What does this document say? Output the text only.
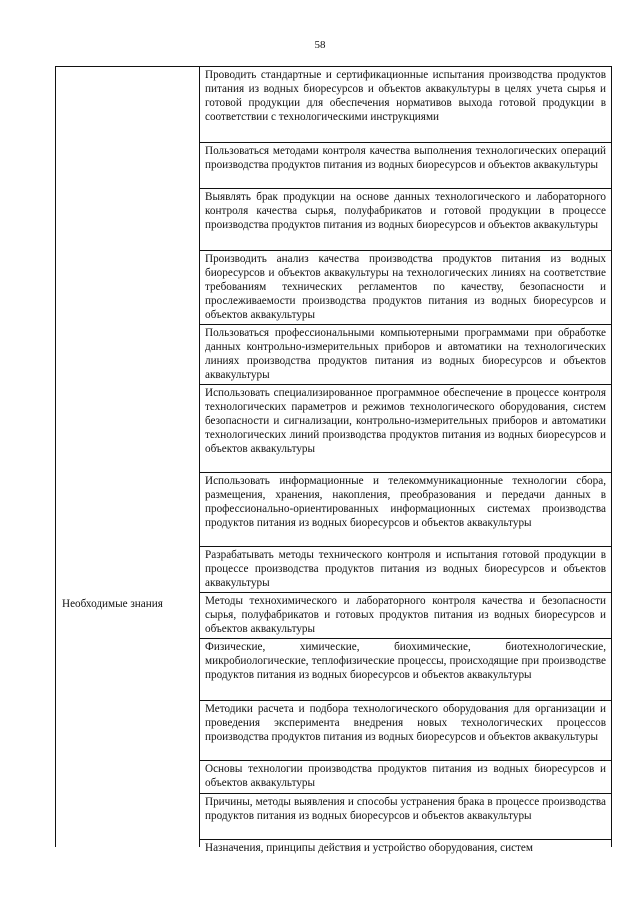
58
Необходимые знания
Проводить стандартные и сертификационные испытания производства продуктов питания из водных биоресурсов и объектов аквакультуры в целях учета сырья и готовой продукции для обеспечения нормативов выхода готовой продукции в соответствии с технологическими инструкциями
Пользоваться методами контроля качества выполнения технологических операций производства продуктов питания из водных биоресурсов и объектов аквакультуры
Выявлять брак продукции на основе данных технологического и лабораторного контроля качества сырья, полуфабрикатов и готовой продукции в процессе производства продуктов питания из водных биоресурсов и объектов аквакультуры
Производить анализ качества производства продуктов питания из водных биоресурсов и объектов аквакультуры на технологических линиях на соответствие требованиям технических регламентов по качеству, безопасности и прослеживаемости производства продуктов питания из водных биоресурсов и объектов аквакультуры
Пользоваться профессиональными компьютерными программами при обработке данных контрольно-измерительных приборов и автоматики на технологических линиях производства продуктов питания из водных биоресурсов и объектов аквакультуры
Использовать специализированное программное обеспечение в процессе контроля технологических параметров и режимов технологического оборудования, систем безопасности и сигнализации, контрольно-измерительных приборов и автоматики технологических линий производства продуктов питания из водных биоресурсов и объектов аквакультуры
Использовать информационные и телекоммуникационные технологии сбора, размещения, хранения, накопления, преобразования и передачи данных в профессионально-ориентированных информационных системах производства продуктов питания из водных биоресурсов и объектов аквакультуры
Разрабатывать методы технического контроля и испытания готовой продукции в процессе производства продуктов питания из водных биоресурсов и объектов аквакультуры
Методы технохимического и лабораторного контроля качества и безопасности сырья, полуфабрикатов и готовых продуктов питания из водных биоресурсов и объектов аквакультуры
Физические, химические, биохимические, биотехнологические, микробиологические, теплофизические процессы, происходящие при производстве продуктов питания из водных биоресурсов и объектов аквакультуры
Методики расчета и подбора технологического оборудования для организации и проведения эксперимента внедрения новых технологических процессов производства продуктов питания из водных биоресурсов и объектов аквакультуры
Основы технологии производства продуктов питания из водных биоресурсов и объектов аквакультуры
Причины, методы выявления и способы устранения брака в процессе производства продуктов питания из водных биоресурсов и объектов аквакультуры
Назначения, принципы действия и устройство оборудования, систем
